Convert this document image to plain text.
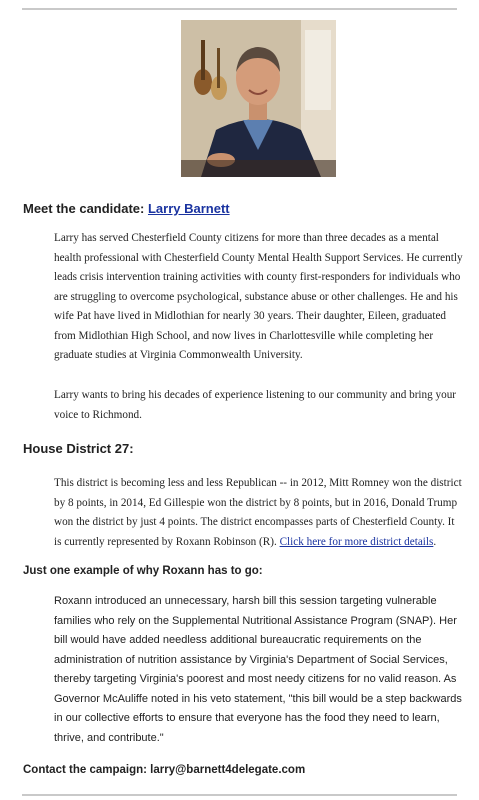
Meet the candidate: Larry Barnett

Larry has served Chesterfield County citizens for more than three decades as a mental health professional with Chesterfield County Mental Health Support Services. He currently leads crisis intervention training activities with county first-responders for individuals who are struggling to overcome psychological, substance abuse or other challenges. He and his wife Pat have lived in Midlothian for nearly 30 years. Their daughter, Eileen, graduated from Midlothian High School, and now lives in Charlottesville while completing her graduate studies at Virginia Commonwealth University.

Larry wants to bring his decades of experience listening to our community and bring your voice to Richmond.

House District 27:

This district is becoming less and less Republican -- in 2012, Mitt Romney won the district by 8 points, in 2014, Ed Gillespie won the district by 8 points, but in 2016, Donald Trump won the district by just 4 points. The district encompasses parts of Chesterfield County. It is currently represented by Roxann Robinson (R). Click here for more district details.

Just one example of why Roxann has to go:

Roxann introduced an unnecessary, harsh bill this session targeting vulnerable families who rely on the Supplemental Nutritional Assistance Program (SNAP). Her bill would have added needless additional bureaucratic requirements on the administration of nutrition assistance by Virginia's Department of Social Services, thereby targeting Virginia's poorest and most needy citizens for no valid reason. As Governor McAuliffe noted in his veto statement, "this bill would be a step backwards in our collective efforts to ensure that everyone has the food they need to learn, thrive, and contribute."

Contact the campaign: larry@barnett4delegate.com
